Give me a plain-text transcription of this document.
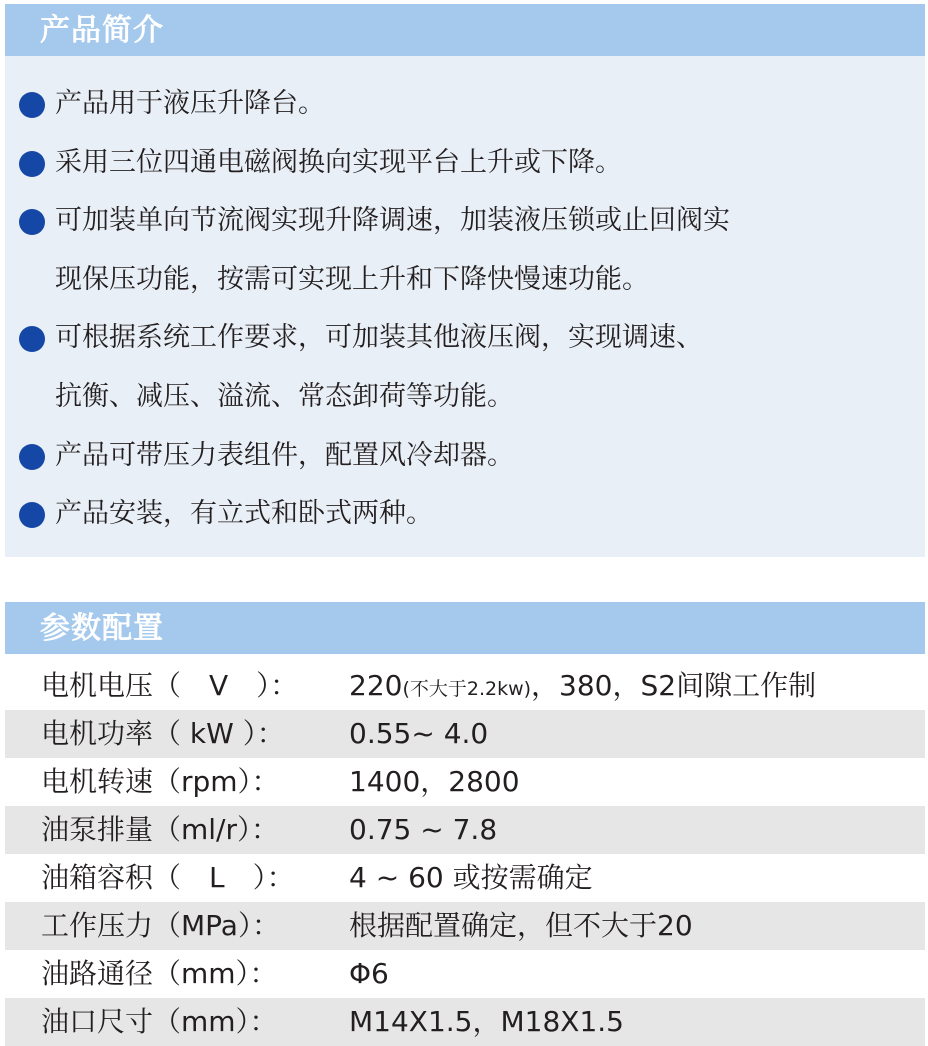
产品简介
产品用于液压升降台。
采用三位四通电磁阀换向实现平台上升或下降。
可加装单向节流阀实现升降调速，加装液压锁或止回阀实
现保压功能，按需可实现上升和下降快慢速功能。
可根据系统工作要求，可加装其他液压阀，实现调速、
抗衡、减压、溢流、常态卸荷等功能。
产品可带压力表组件，配置风冷却器。
产品安装，有立式和卧式两种。
参数配置
电机电压（　V　）： 220(不大于2.2kw)，380，S2间隙工作制
电机功率（ kW ）： 0.55~ 4.0
电机转速（rpm）： 1400，2800
油泵排量（ml/r）： 0.75 ~ 7.8
油箱容积（　L　）： 4 ~ 60 或按需确定
工作压力（MPa）： 根据配置确定，但不大于20
油路通径（mm）：	Φ6
油口尺寸（mm）：	M14X1.5，M18X1.5
